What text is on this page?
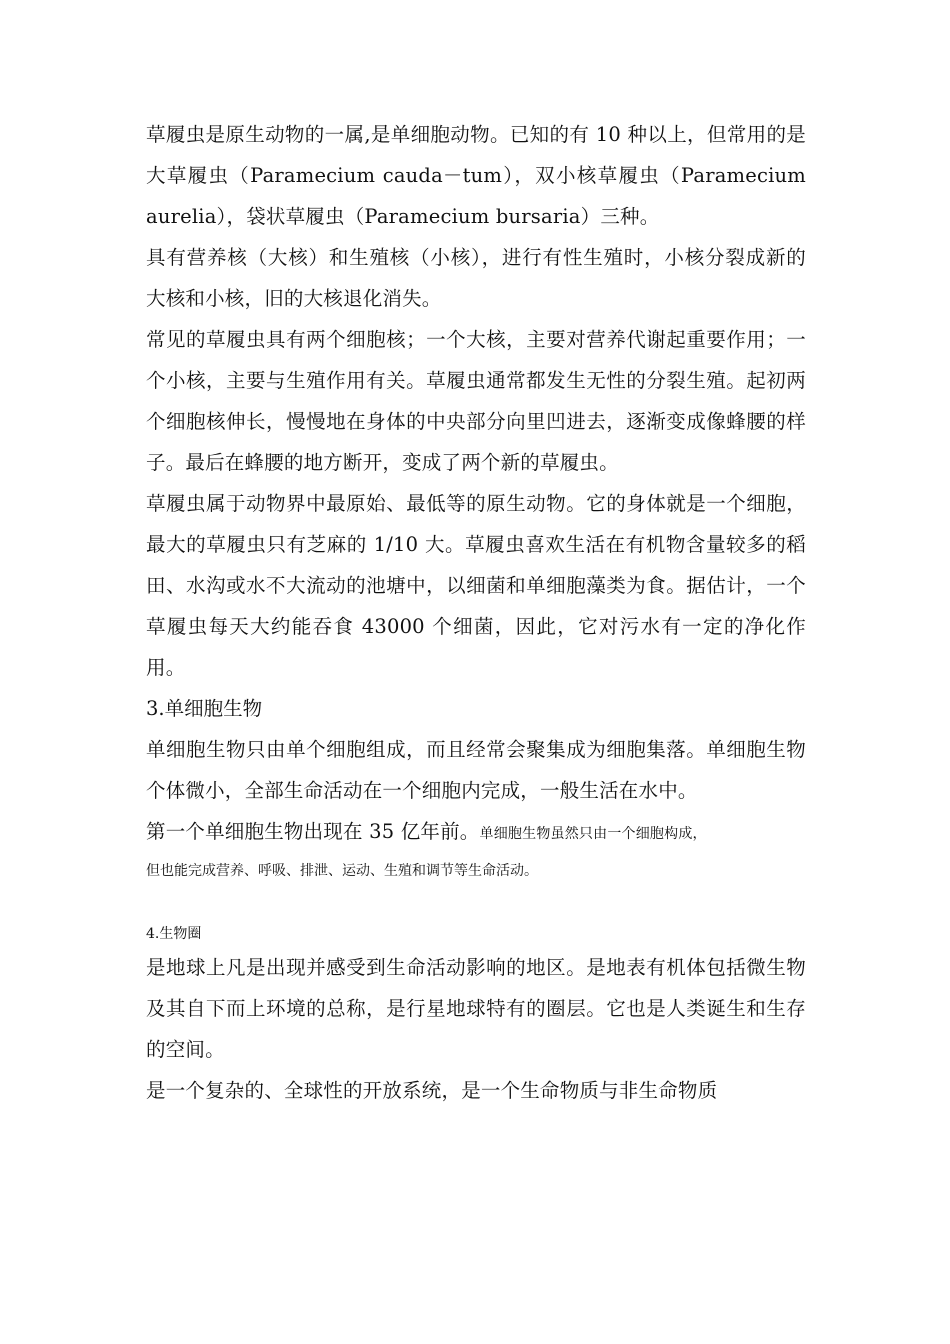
草履虫是原生动物的一属,是单细胞动物。已知的有 10 种以上，但常用的是大草履虫（Paramecium cauda－tum），双小核草履虫（Paramecium aurelia），袋状草履虫（Paramecium bursaria）三种。

具有营养核（大核）和生殖核（小核），进行有性生殖时，小核分裂成新的大核和小核，旧的大核退化消失。

常见的草履虫具有两个细胞核；一个大核，主要对营养代谢起重要作用；一个小核，主要与生殖作用有关。草履虫通常都发生无性的分裂生殖。起初两个细胞核伸长，慢慢地在身体的中央部分向里凹进去，逐渐变成像蜂腰的样子。最后在蜂腰的地方断开，变成了两个新的草履虫。

草履虫属于动物界中最原始、最低等的原生动物。它的身体就是一个细胞，最大的草履虫只有芝麻的 1/10 大。草履虫喜欢生活在有机物含量较多的稻田、水沟或水不大流动的池塘中，以细菌和单细胞藻类为食。据估计，一个草履虫每天大约能吞食 43000 个细菌，因此，它对污水有一定的净化作用。

3.单细胞生物

单细胞生物只由单个细胞组成，而且经常会聚集成为细胞集落。单细胞生物个体微小，全部生命活动在一个细胞内完成，一般生活在水中。

第一个单细胞生物出现在 35 亿年前。单细胞生物虽然只由一个细胞构成，

但也能完成营养、呼吸、排泄、运动、生殖和调节等生命活动。

4.生物圈

是地球上凡是出现并感受到生命活动影响的地区。是地表有机体包括微生物及其自下而上环境的总称，是行星地球特有的圈层。它也是人类诞生和生存的空间。

是一个复杂的、全球性的开放系统，是一个生命物质与非生命物质
